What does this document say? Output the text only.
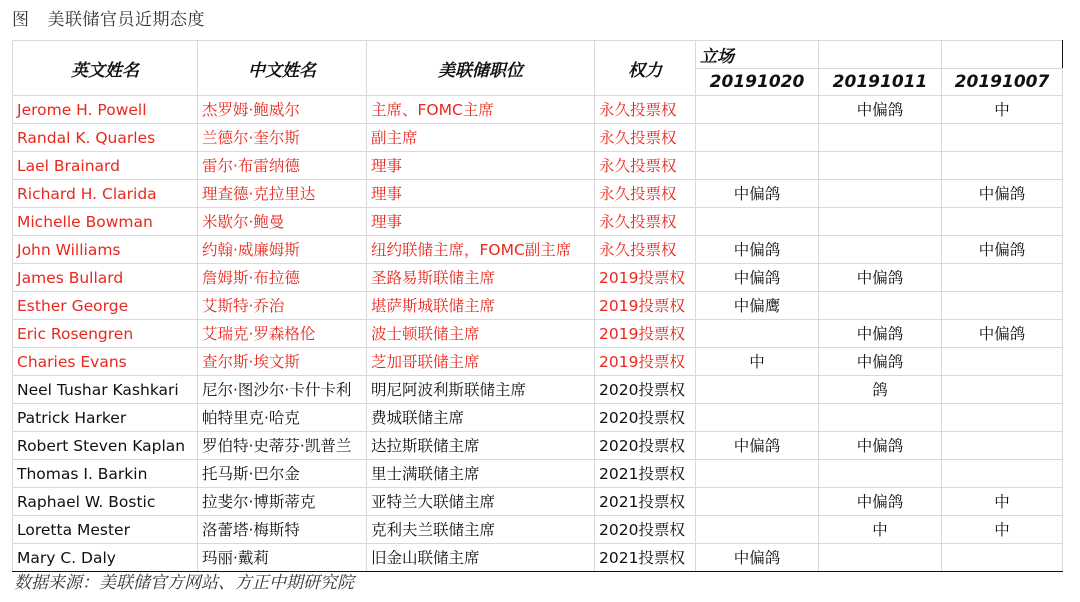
图 美联储官员近期态度
英文姓名	中文姓名	美联储职位	权力	立场		
				20191020	20191011	20191007
Jerome H. Powell	杰罗姆·鲍威尔	主席、FOMC主席	永久投票权		中偏鸽	中
Randal K. Quarles	兰德尔·奎尔斯	副主席	永久投票权			
Lael Brainard	雷尔·布雷纳德	理事	永久投票权			
Richard H. Clarida	理查德·克拉里达	理事	永久投票权	中偏鸽		中偏鸽
Michelle Bowman	米歇尔·鲍曼	理事	永久投票权			
John Williams	约翰·威廉姆斯	纽约联储主席，FOMC副主席	永久投票权	中偏鸽		中偏鸽
James Bullard	詹姆斯·布拉德	圣路易斯联储主席	2019投票权	中偏鸽	中偏鸽	
Esther George	艾斯特·乔治	堪萨斯城联储主席	2019投票权	中偏鹰		
Eric Rosengren	艾瑞克·罗森格伦	波士顿联储主席	2019投票权		中偏鸽	中偏鸽
Charies Evans	查尔斯·埃文斯	芝加哥联储主席	2019投票权	中	中偏鸽	
Neel Tushar Kashkari	尼尔·图沙尔·卡什卡利	明尼阿波利斯联储主席	2020投票权		鸽	
Patrick Harker	帕特里克·哈克	费城联储主席	2020投票权			
Robert Steven Kaplan	罗伯特·史蒂芬·凯普兰	达拉斯联储主席	2020投票权	中偏鸽	中偏鸽	
Thomas I. Barkin	托马斯·巴尔金	里士满联储主席	2021投票权			
Raphael W. Bostic	拉斐尔·博斯蒂克	亚特兰大联储主席	2021投票权		中偏鸽	中
Loretta Mester	洛蕾塔·梅斯特	克利夫兰联储主席	2020投票权		中	中
Mary C. Daly	玛丽·戴莉	旧金山联储主席	2021投票权	中偏鸽		
数据来源：美联储官方网站、方正中期研究院
